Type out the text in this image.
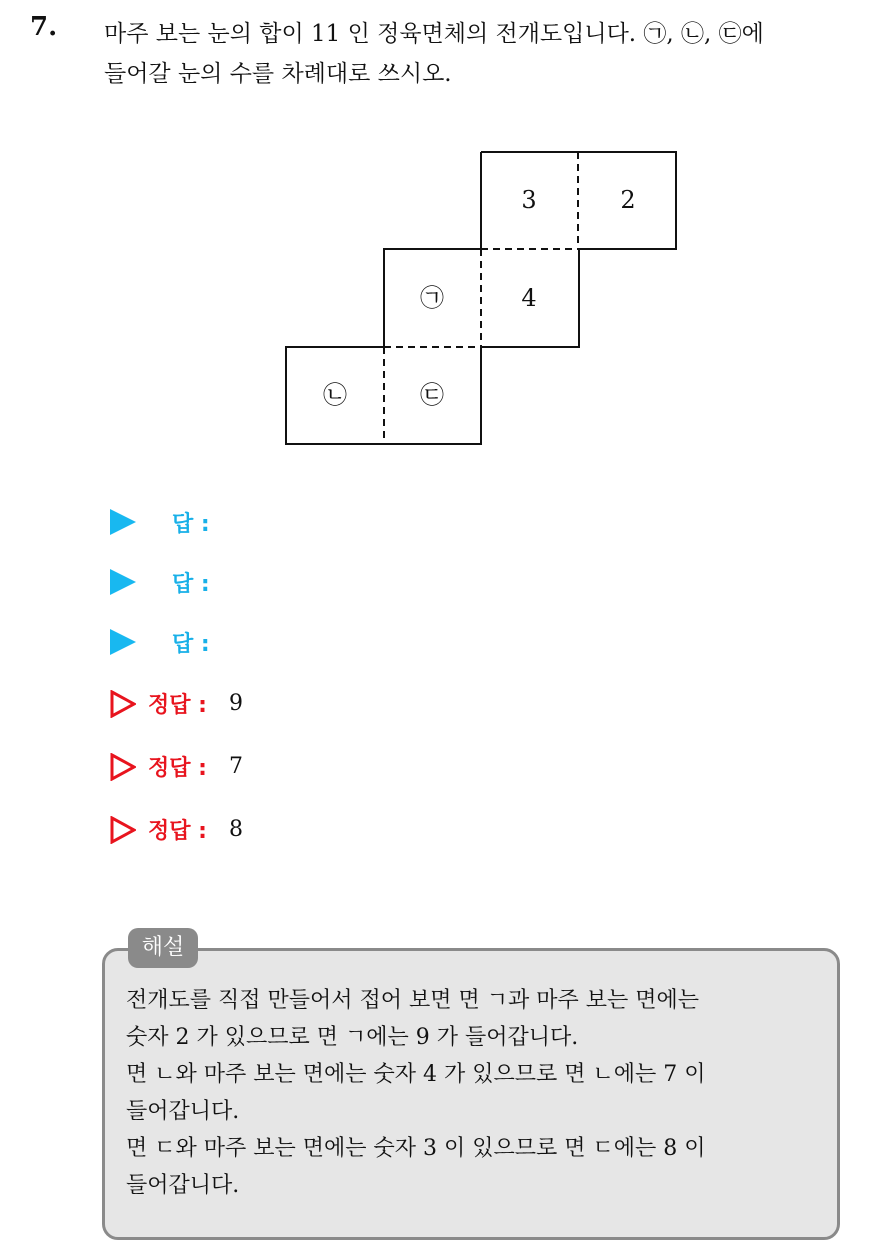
7. 마주 보는 눈의 합이 11 인 정육면체의 전개도입니다. ㉠, ㉡, ㉢에
들어갈 눈의 수를 차례대로 쓰시오.
3	2
㉠	4
㉡	㉢
답 :
답 :
답 :
정답 : 9
정답 : 7
정답 : 8
해설
전개도를 직접 만들어서 접어 보면 면 ㄱ과 마주 보는 면에는
숫자 2 가 있으므로 면 ㄱ에는 9 가 들어갑니다.
면 ㄴ와 마주 보는 면에는 숫자 4 가 있으므로 면 ㄴ에는 7 이
들어갑니다.
면 ㄷ와 마주 보는 면에는 숫자 3 이 있으므로 면 ㄷ에는 8 이
들어갑니다.
